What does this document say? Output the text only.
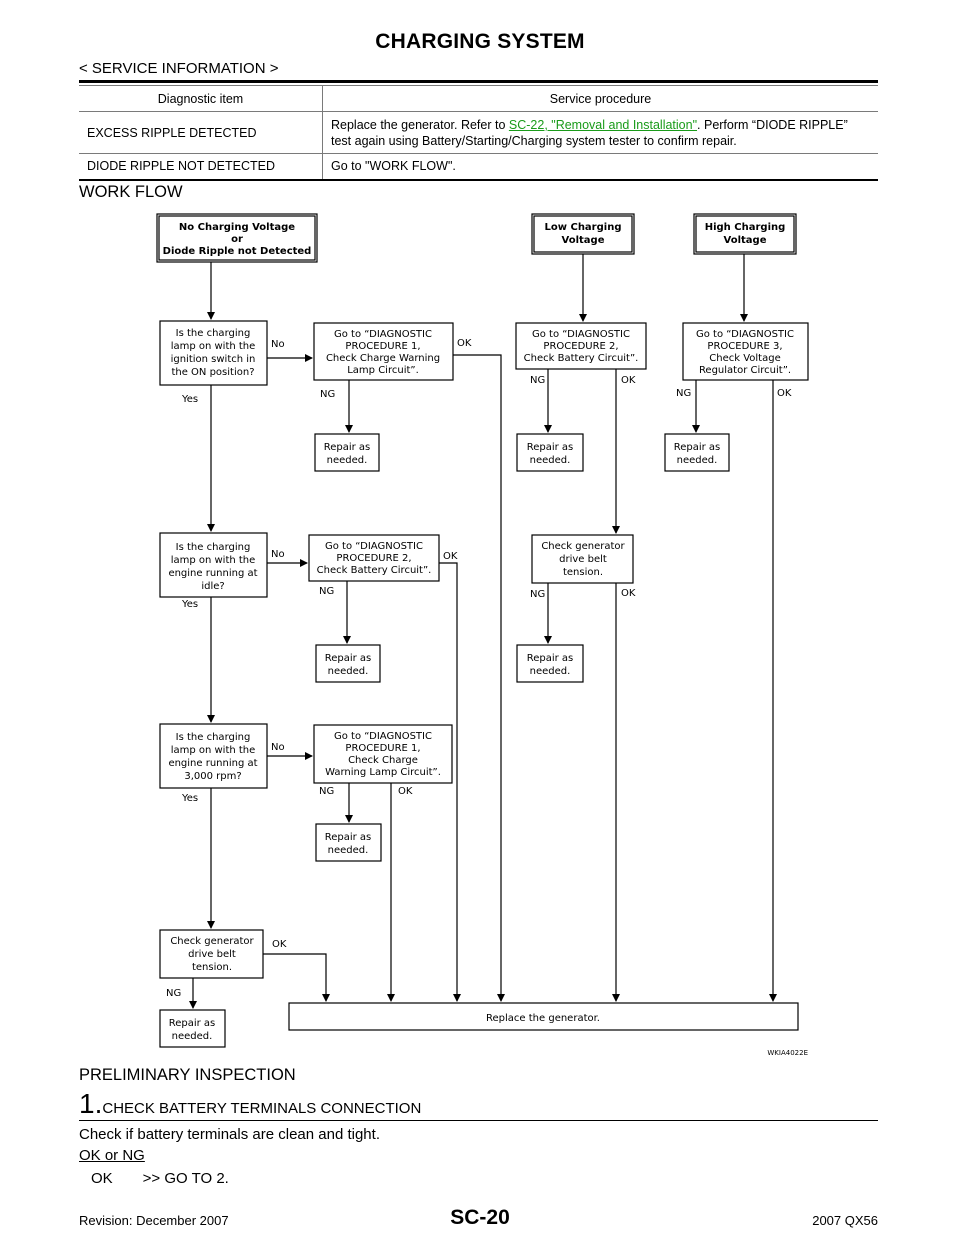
CHARGING SYSTEM
< SERVICE INFORMATION >
Diagnostic item	Service procedure
EXCESS RIPPLE DETECTED	Replace the generator. Refer to SC-22, "Removal and Installation". Perform “DIODE RIPPLE” test again using Battery/Starting/Charging system tester to confirm repair.
DIODE RIPPLE NOT DETECTED	Go to "WORK FLOW".
WORK FLOW
No Charging Voltage
or
Diode Ripple not Detected
Low Charging
Voltage
High Charging
Voltage
Is the charging
lamp on with the
ignition switch in
the ON position?
Is the charging
lamp on with the
engine running at
idle?
Is the charging
lamp on with the
engine running at
3,000 rpm?
Go to “DIAGNOSTIC
PROCEDURE 1,
Check Charge Warning
Lamp Circuit”.
Go to “DIAGNOSTIC
PROCEDURE 2,
Check Battery Circuit”.
Go to “DIAGNOSTIC
PROCEDURE 3,
Check Voltage
Regulator Circuit”.
Go to “DIAGNOSTIC
PROCEDURE 2,
Check Battery Circuit”.
Go to “DIAGNOSTIC
PROCEDURE 1,
Check Charge
Warning Lamp Circuit”.
Check generator
drive belt
tension.
Check generator
drive belt
tension.
Repair as
needed.
Repair as
needed.
Repair as
needed.
Repair as
needed.
Repair as
needed.
Repair as
needed.
Repair as
needed.
Replace the generator.
No	OK
NG
Yes
NG	OK
NG	OK
No	OK
NG
Yes
NG	OK
No
NG	OK
Yes
OK
NG
WKIA4022E
PRELIMINARY INSPECTION
1.CHECK BATTERY TERMINALS CONNECTION
Check if battery terminals are clean and tight.
OK or NG
OK  >> GO TO 2.
SC-20
Revision: December 2007	2007 QX56
